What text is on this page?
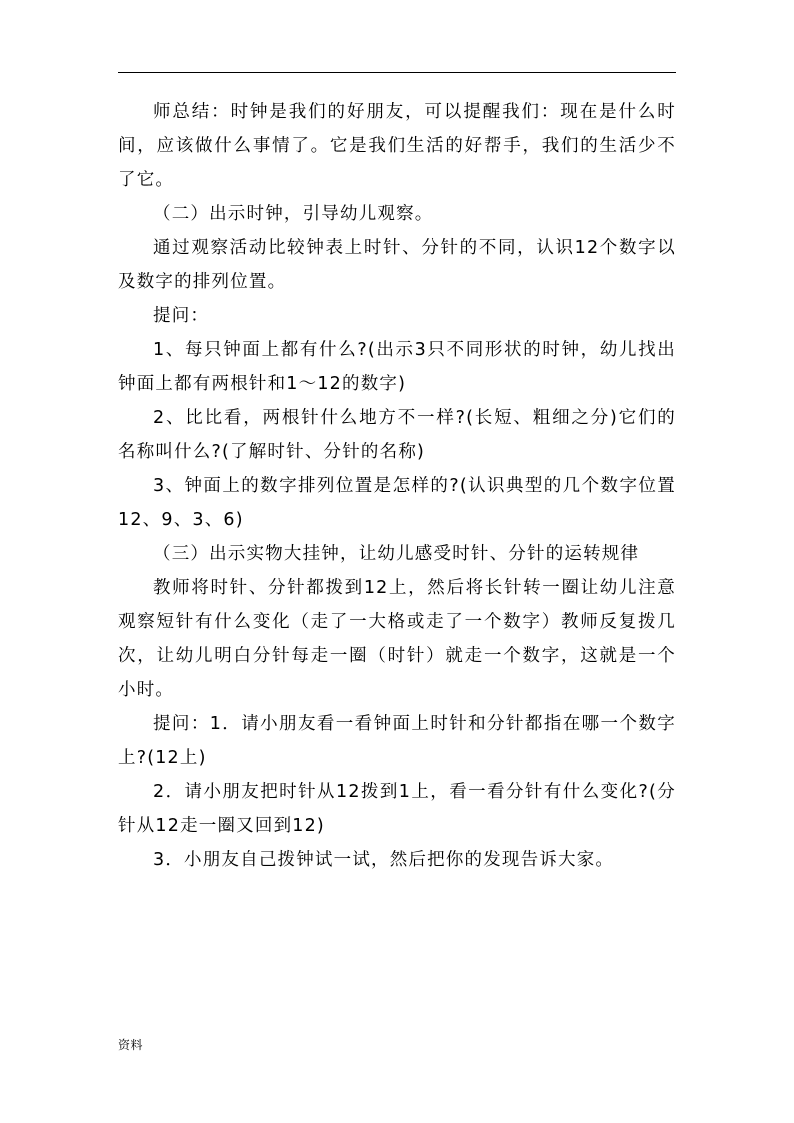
师总结：时钟是我们的好朋友，可以提醒我们：现在是什么时间，应该做什么事情了。它是我们生活的好帮手，我们的生活少不了它。

（二）出示时钟，引导幼儿观察。

通过观察活动比较钟表上时针、分针的不同，认识12个数字以及数字的排列位置。

提问：

1、每只钟面上都有什么?(出示3只不同形状的时钟，幼儿找出钟面上都有两根针和1～12的数字)

2、比比看，两根针什么地方不一样?(长短、粗细之分)它们的名称叫什么?(了解时针、分针的名称)

3、钟面上的数字排列位置是怎样的?(认识典型的几个数字位置12、9、3、6)

（三）出示实物大挂钟，让幼儿感受时针、分针的运转规律

教师将时针、分针都拨到12上，然后将长针转一圈让幼儿注意观察短针有什么变化（走了一大格或走了一个数字）教师反复拨几次，让幼儿明白分针每走一圈（时针）就走一个数字，这就是一个小时。

提问：1．请小朋友看一看钟面上时针和分针都指在哪一个数字上?(12上)

2．请小朋友把时针从12拨到1上，看一看分针有什么变化?(分针从12走一圈又回到12)

3．小朋友自己拨钟试一试，然后把你的发现告诉大家。

资料
